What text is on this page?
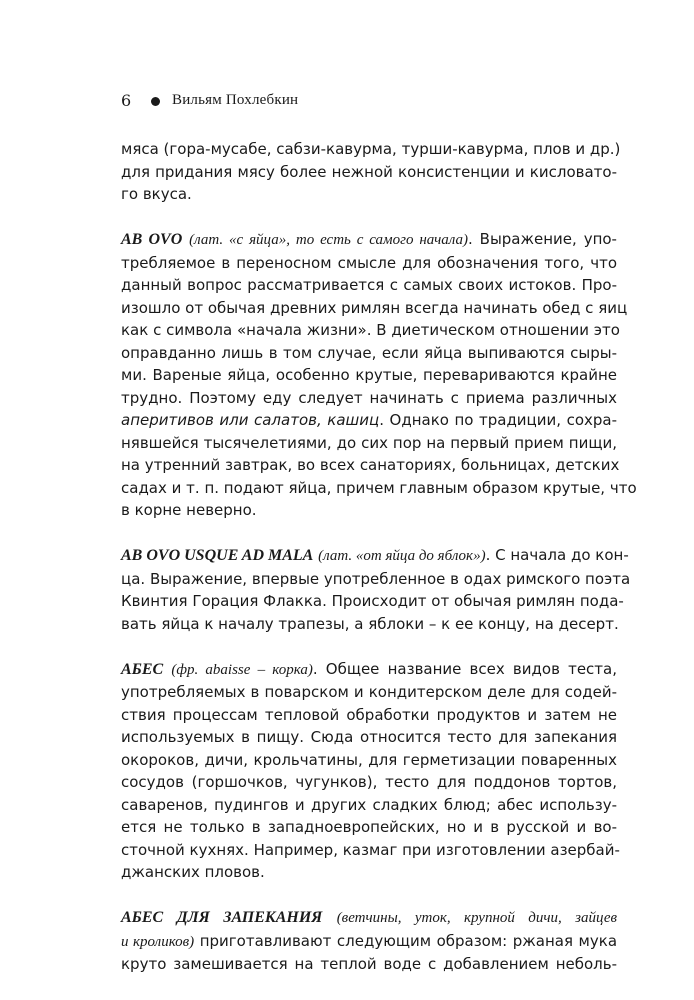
6	Вильям Похлебкин
мяса (гора-мусабе, сабзи-кавурма, турши-кавурма, плов и др.)
для придания мясу более нежной консистенции и кисловато-
го вкуса.
AB OVO (лат. «с яйца», то есть с самого начала). Выражение, упо-
требляемое в переносном смысле для обозначения того, что
данный вопрос рассматривается с самых своих истоков. Про-
изошло от обычая древних римлян всегда начинать обед с яиц
как с символа «начала жизни». В диетическом отношении это
оправданно лишь в том случае, если яйца выпиваются сыры-
ми. Вареные яйца, особенно крутые, перевариваются крайне
трудно. Поэтому еду следует начинать с приема различных
аперитивов или салатов, кашиц. Однако по традиции, сохра-
нявшейся тысячелетиями, до сих пор на первый прием пищи,
на утренний завтрак, во всех санаториях, больницах, детских
садах и т. п. подают яйца, причем главным образом крутые, что
в корне неверно.
AB OVO USQUE AD MALA (лат. «от яйца до яблок»). С начала до кон-
ца. Выражение, впервые употребленное в одах римского поэта
Квинтия Горация Флакка. Происходит от обычая римлян пода-
вать яйца к началу трапезы, а яблоки – к ее концу, на десерт.
АБЕС (фр. abaisse – корка). Общее название всех видов теста,
употребляемых в поварском и кондитерском деле для содей-
ствия процессам тепловой обработки продуктов и затем не
используемых в пищу. Сюда относится тесто для запекания
окороков, дичи, крольчатины, для герметизации поваренных
сосудов (горшочков, чугунков), тесто для поддонов тортов,
саваренов, пудингов и других сладких блюд; абес использу-
ется не только в западноевропейских, но и в русской и во-
сточной кухнях. Например, казмаг при изготовлении азербай-
джанских пловов.
АБЕС ДЛЯ ЗАПЕКАНИЯ (ветчины, уток, крупной дичи, зайцев
и кроликов) приготавливают следующим образом: ржаная мука
круто замешивается на теплой воде с добавлением неболь-
